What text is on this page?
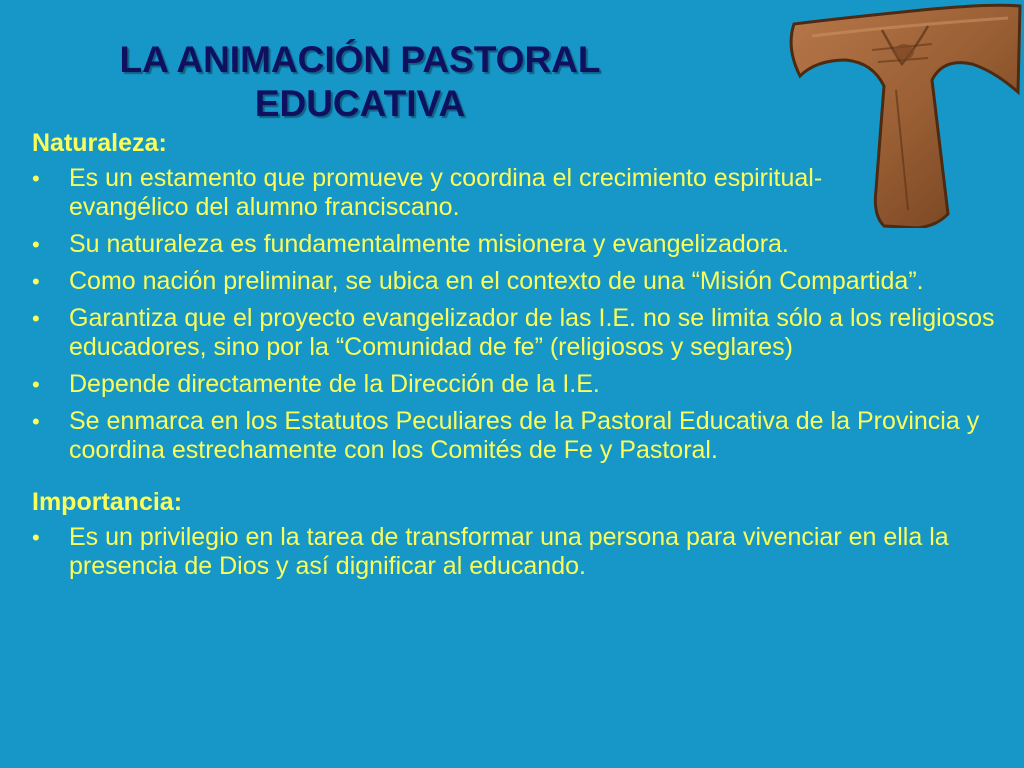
LA ANIMACIÓN PASTORAL
EDUCATIVA
Naturaleza:
• Es un estamento que promueve y coordina el crecimiento espiritual-evangélico del alumno franciscano.
• Su naturaleza es fundamentalmente misionera y evangelizadora.
• Como nación preliminar, se ubica en el contexto de una “Misión Compartida”.
• Garantiza que el proyecto evangelizador de las I.E. no se limita sólo a los religiosos educadores, sino por la “Comunidad de fe” (religiosos y seglares)
• Depende directamente de la Dirección de la I.E.
• Se enmarca en los Estatutos Peculiares de la Pastoral Educativa de la Provincia y coordina estrechamente con los Comités de Fe y Pastoral.
Importancia:
• Es un privilegio en la tarea de transformar una persona para vivenciar en ella la presencia de Dios y así dignificar al educando.
